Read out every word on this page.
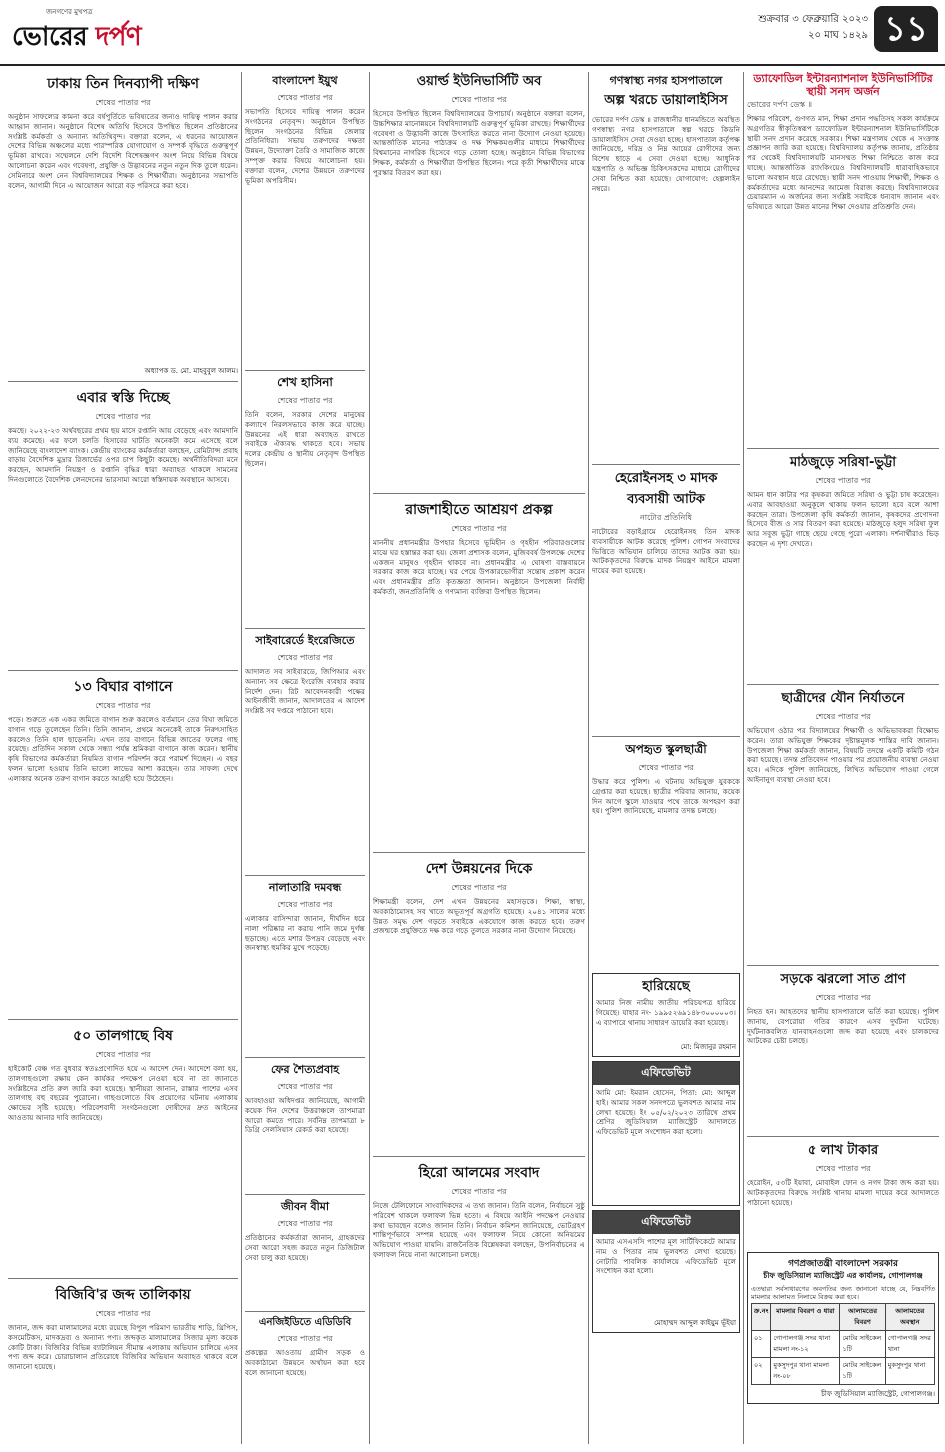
জনগণের মুখপত্র
ভোরের দর্পণ
শুক্রবার ৩ ফেব্রুয়ারি ২০২৩
২০ মাঘ ১৪২৯ ১১
ঢাকায় তিন দিনব্যাপী দক্ষিণ
শেষের পাতার পর
অনুষ্ঠান সাফল্যের কামনা করে বর্ষপুর্তিতে ভবিষ্যতের জন্যও দায়িত্ব পালন করার আহ্বান জানান। অনুষ্ঠানে বিশেষ অতিথি হিসেবে উপস্থিত ছিলেন প্রতিষ্ঠানের সংশ্লিষ্ট কর্মকর্তা ও অন্যান্য অতিথিবৃন্দ। বক্তারা বলেন, এ ধরনের আয়োজন দেশের বিভিন্ন অঞ্চলের মধ্যে পারস্পরিক যোগাযোগ ও সম্পর্ক বৃদ্ধিতে গুরুত্বপূর্ণ ভূমিকা রাখবে। সম্মেলনে দেশি বিদেশি বিশেষজ্ঞগণ অংশ নিয়ে বিভিন্ন বিষয়ে আলোচনা করেন এবং গবেষণা, প্রযুক্তি ও উদ্ভাবনের নতুন নতুন দিক তুলে ধরেন। সেমিনারে অংশ নেন বিশ্ববিদ্যালয়ের শিক্ষক ও শিক্ষার্থীরা। অনুষ্ঠানের সভাপতি বলেন, আগামী দিনে এ আয়োজন আরো বড় পরিসরে করা হবে।
অধ্যাপক ড. মো. মাহবুবুল আলম।
এবার স্বস্তি দিচ্ছে
শেষের পাতার পর
কমছে। ২০২২-২৩ অর্থবছরের প্রথম ছয় মাসে রপ্তানি আয় বেড়েছে এবং আমদানি ব্যয় কমেছে। এর ফলে চলতি হিসাবের ঘাটতি অনেকটা কমে এসেছে বলে জানিয়েছে বাংলাদেশ ব্যাংক। কেন্দ্রীয় ব্যাংকের কর্মকর্তারা বলছেন, রেমিট্যান্স প্রবাহ বাড়ায় বৈদেশিক মুদ্রার রিজার্ভের ওপর চাপ কিছুটা কমেছে। অর্থনীতিবিদরা মনে করছেন, আমদানি নিয়ন্ত্রণ ও রপ্তানি বৃদ্ধির ধারা অব্যাহত থাকলে সামনের দিনগুলোতে বৈদেশিক লেনদেনের ভারসাম্য আরো স্বস্তিদায়ক অবস্থানে আসবে।
১৩ বিঘার বাগানে
শেষের পাতার পর
পড়ে। শুরুতে এক একর জমিতে বাগান শুরু করলেও বর্তমানে তের বিঘা জমিতে বাগান গড়ে তুলেছেন তিনি। তিনি জানান, প্রথমে অনেকেই তাকে নিরুৎসাহিত করলেও তিনি হাল ছাড়েননি। এখন তার বাগানে বিভিন্ন জাতের ফলের গাছ রয়েছে। প্রতিদিন সকাল থেকে সন্ধ্যা পর্যন্ত শ্রমিকরা বাগানে কাজ করেন। স্থানীয় কৃষি বিভাগের কর্মকর্তারা নিয়মিত বাগান পরিদর্শন করে পরামর্শ দিচ্ছেন। এ বছর ফলন ভালো হওয়ায় তিনি ভালো লাভের আশা করছেন। তার সাফল্য দেখে এলাকার অনেক তরুণ বাগান করতে আগ্রহী হয়ে উঠেছেন।
৫০ তালগাছে বিষ
শেষের পাতার পর
হাইকোর্ট বেঞ্চ গত বুধবার স্বতঃপ্রণোদিত হয়ে এ আদেশ দেন। আদেশে বলা হয়, তালগাছগুলো রক্ষায় কেন কার্যকর পদক্ষেপ নেওয়া হবে না তা জানাতে সংশ্লিষ্টদের প্রতি রুল জারি করা হয়েছে। স্থানীয়রা জানান, রাস্তার পাশের এসব তালগাছ বহু বছরের পুরোনো। গাছগুলোতে বিষ প্রয়োগের ঘটনায় এলাকায় ক্ষোভের সৃষ্টি হয়েছে। পরিবেশবাদী সংগঠনগুলো দোষীদের দ্রুত আইনের আওতায় আনার দাবি জানিয়েছে।
বিজিবি'র জব্দ তালিকায়
শেষের পাতার পর
জানান, জব্দ করা মালামালের মধ্যে রয়েছে বিপুল পরিমাণ ভারতীয় শাড়ি, থ্রিপিস, কসমেটিকস, মাদকদ্রব্য ও অন্যান্য পণ্য। জব্দকৃত মালামালের সিজার মূল্য কয়েক কোটি টাকা। বিজিবির বিভিন্ন ব্যাটালিয়ন সীমান্ত এলাকায় অভিযান চালিয়ে এসব পণ্য জব্দ করে। চোরাচালান প্রতিরোধে বিজিবির অভিযান অব্যাহত থাকবে বলে জানানো হয়েছে।
বাংলাদেশ ইয়ুথ
শেষের পাতার পর
সভাপতি হিসেবে দায়িত্ব পালন করেন সংগঠনের নেতৃবৃন্দ। অনুষ্ঠানে উপস্থিত ছিলেন সংগঠনের বিভিন্ন জেলার প্রতিনিধিরা। সভায় তরুণদের দক্ষতা উন্নয়ন, উদ্যোক্তা তৈরি ও সামাজিক কাজে সম্পৃক্ত করার বিষয়ে আলোচনা হয়। বক্তারা বলেন, দেশের উন্নয়নে তরুণদের ভূমিকা অপরিসীম।
শেখ হাসিনা
শেষের পাতার পর
তিনি বলেন, সরকার দেশের মানুষের কল্যাণে নিরলসভাবে কাজ করে যাচ্ছে। উন্নয়নের এই ধারা অব্যাহত রাখতে সবাইকে ঐক্যবদ্ধ থাকতে হবে। সভায় দলের কেন্দ্রীয় ও স্থানীয় নেতৃবৃন্দ উপস্থিত ছিলেন।
সাইবারের্ডে ইংরেজিতে
শেষের পাতার পর
আদালত সব সাইবারডে, জিপিআর এবং অন্যান্য সব ক্ষেত্রে ইংরেজি ব্যবহার করার নির্দেশ দেন। রিট আবেদনকারী পক্ষের আইনজীবী জানান, আদালতের এ আদেশ সংশ্লিষ্ট সব দপ্তরে পাঠানো হবে।
নালাতারি দমবন্ধ
শেষের পাতার পর
এলাকার বাসিন্দারা জানান, দীর্ঘদিন ধরে নালা পরিষ্কার না করায় পানি জমে দুর্গন্ধ ছড়াচ্ছে। এতে মশার উপদ্রব বেড়েছে এবং জনস্বাস্থ্য হুমকির মুখে পড়েছে।
ফের শৈত্যপ্রবাহ
শেষের পাতার পর
আবহাওয়া অধিদপ্তর জানিয়েছে, আগামী কয়েক দিন দেশের উত্তরাঞ্চলে তাপমাত্রা আরো কমতে পারে। সর্বনিম্ন তাপমাত্রা ৮ ডিগ্রি সেলসিয়াস রেকর্ড করা হয়েছে।
জীবন বীমা
শেষের পাতার পর
প্রতিষ্ঠানের কর্মকর্তারা জানান, গ্রাহকদের সেবা আরো সহজ করতে নতুন ডিজিটাল সেবা চালু করা হয়েছে।
এনজিইডিতে এডিডিবি
শেষের পাতার পর
প্রকল্পের আওতায় গ্রামীণ সড়ক ও অবকাঠামো উন্নয়নে অর্থায়ন করা হবে বলে জানানো হয়েছে।
ওয়ার্ল্ড ইউনিভার্সিটি অব
শেষের পাতার পর
হিসেবে উপস্থিত ছিলেন বিশ্ববিদ্যালয়ের উপাচার্য। অনুষ্ঠানে বক্তারা বলেন, উচ্চশিক্ষার মানোন্নয়নে বিশ্ববিদ্যালয়টি গুরুত্বপূর্ণ ভূমিকা রাখছে। শিক্ষার্থীদের গবেষণা ও উদ্ভাবনী কাজে উৎসাহিত করতে নানা উদ্যোগ নেওয়া হয়েছে। আন্তর্জাতিক মানের পাঠ্যক্রম ও দক্ষ শিক্ষকমণ্ডলীর মাধ্যমে শিক্ষার্থীদের বিশ্বমানের নাগরিক হিসেবে গড়ে তোলা হচ্ছে। অনুষ্ঠানে বিভিন্ন বিভাগের শিক্ষক, কর্মকর্তা ও শিক্ষার্থীরা উপস্থিত ছিলেন। পরে কৃতী শিক্ষার্থীদের মাঝে পুরস্কার বিতরণ করা হয়।
রাজশাহীতে আশ্রয়ণ প্রকল্প
শেষের পাতার পর
মাননীয় প্রধানমন্ত্রীর উপহার হিসেবে ভূমিহীন ও গৃহহীন পরিবারগুলোর মাঝে ঘর হস্তান্তর করা হয়। জেলা প্রশাসক বলেন, মুজিববর্ষ উপলক্ষে দেশের একজন মানুষও গৃহহীন থাকবে না। প্রধানমন্ত্রীর এ ঘোষণা বাস্তবায়নে সরকার কাজ করে যাচ্ছে। ঘর পেয়ে উপকারভোগীরা সন্তোষ প্রকাশ করেন এবং প্রধানমন্ত্রীর প্রতি কৃতজ্ঞতা জানান। অনুষ্ঠানে উপজেলা নির্বাহী কর্মকর্তা, জনপ্রতিনিধি ও গণ্যমান্য ব্যক্তিরা উপস্থিত ছিলেন।
দেশ উন্নয়নের দিকে
শেষের পাতার পর
শিক্ষামন্ত্রী বলেন, দেশ এখন উন্নয়নের মহাসড়কে। শিক্ষা, স্বাস্থ্য, অবকাঠামোসহ সব খাতে অভূতপূর্ব অগ্রগতি হয়েছে। ২০৪১ সালের মধ্যে উন্নত সমৃদ্ধ দেশ গড়তে সবাইকে একযোগে কাজ করতে হবে। তরুণ প্রজন্মকে প্রযুক্তিতে দক্ষ করে গড়ে তুলতে সরকার নানা উদ্যোগ নিয়েছে।
হিরো আলমের সংবাদ
শেষের পাতার পর
নিজে টেলিফোনে সাংবাদিকদের এ তথ্য জানান। তিনি বলেন, নির্বাচনে সুষ্ঠু পরিবেশ থাকলে ফলাফল ভিন্ন হতো। এ বিষয়ে আইনি পদক্ষেপ নেওয়ার কথা ভাবছেন বলেও জানান তিনি। নির্বাচন কমিশন জানিয়েছে, ভোটগ্রহণ শান্তিপূর্ণভাবে সম্পন্ন হয়েছে এবং ফলাফল নিয়ে কোনো অনিয়মের অভিযোগ পাওয়া যায়নি। রাজনৈতিক বিশ্লেষকরা বলছেন, উপনির্বাচনের এ ফলাফল নিয়ে নানা আলোচনা চলছে।
গণস্বাস্থ্য নগর হাসপাতালে
অল্প খরচে ডায়ালাইসিস
ভোরের দর্পণ ডেস্ক ॥ রাজধানীর ধানমন্ডিতে অবস্থিত গণস্বাস্থ্য নগর হাসপাতালে স্বল্প খরচে কিডনি ডায়ালাইসিস সেবা দেওয়া হচ্ছে। হাসপাতাল কর্তৃপক্ষ জানিয়েছে, দরিদ্র ও নিম্ন আয়ের রোগীদের জন্য বিশেষ ছাড়ে এ সেবা দেওয়া হচ্ছে। আধুনিক যন্ত্রপাতি ও অভিজ্ঞ চিকিৎসকদের মাধ্যমে রোগীদের সেবা নিশ্চিত করা হয়েছে। যোগাযোগ: হেল্পলাইন নম্বরে।
হেরোইনসহ ৩ মাদক ব্যবসায়ী আটক
নাটোর প্রতিনিধি
নাটোরের বড়াইগ্রামে হেরোইনসহ তিন মাদক ব্যবসায়ীকে আটক করেছে পুলিশ। গোপন সংবাদের ভিত্তিতে অভিযান চালিয়ে তাদের আটক করা হয়। আটককৃতদের বিরুদ্ধে মাদক নিয়ন্ত্রণ আইনে মামলা দায়ের করা হয়েছে।
অপহৃত স্কুলছাত্রী
শেষের পাতার পর
উদ্ধার করে পুলিশ। এ ঘটনায় অভিযুক্ত যুবককে গ্রেপ্তার করা হয়েছে। ছাত্রীর পরিবার জানায়, কয়েক দিন আগে স্কুলে যাওয়ার পথে তাকে অপহরণ করা হয়। পুলিশ জানিয়েছে, মামলার তদন্ত চলছে।
হারিয়েছে
আমার নিজ নামীয় জাতীয় পরিচয়পত্র হারিয়ে গিয়েছে। যাহার নং- ১৯৯৫২৬৯১৪৮৩০০০০০৩। এ ব্যাপারে থানায় সাধারণ ডায়েরি করা হয়েছে।
মো: মিজানুর রহমান
এফিডেভিট
আমি মো: ইমরান হোসেন, পিতা: মো: আব্দুল হাই। আমার সকল সনদপত্রে ভুলবশত আমার নাম লেখা হয়েছে। ইং ০৫/০২/২০২৩ তারিখে প্রথম শ্রেণির জুডিসিয়াল ম্যাজিস্ট্রেট আদালতে এফিডেভিট মূলে সংশোধন করা হলো।
এফিডেভিট
আমার এসএসসি পাশের মূল সার্টিফিকেটে আমার নাম ও পিতার নাম ভুলবশত লেখা হয়েছে। নোটারি পাবলিক কার্যালয়ে এফিডেভিট মূলে সংশোধন করা হলো।
মোহাম্মদ আব্দুল কাইয়ুম ভূঁইয়া
ড্যাফোডিল ইন্টারন্যাশনাল ইউনিভার্সিটির স্থায়ী সনদ অর্জন
ভোরের দর্পণ ডেস্ক ॥
শিক্ষার পরিবেশ, গুণগত মান, শিক্ষা প্রদান পদ্ধতিসহ সকল কার্যক্রমে অগ্রগতির স্বীকৃতিস্বরূপ ড্যাফোডিল ইন্টারন্যাশনাল ইউনিভার্সিটিকে স্থায়ী সনদ প্রদান করেছে সরকার। শিক্ষা মন্ত্রণালয় থেকে এ সংক্রান্ত প্রজ্ঞাপন জারি করা হয়েছে। বিশ্ববিদ্যালয় কর্তৃপক্ষ জানায়, প্রতিষ্ঠার পর থেকেই বিশ্ববিদ্যালয়টি মানসম্মত শিক্ষা নিশ্চিতে কাজ করে যাচ্ছে। আন্তর্জাতিক র‍্যাংকিংয়েও বিশ্ববিদ্যালয়টি ধারাবাহিকভাবে ভালো অবস্থান ধরে রেখেছে। স্থায়ী সনদ পাওয়ায় শিক্ষার্থী, শিক্ষক ও কর্মকর্তাদের মধ্যে আনন্দের আমেজ বিরাজ করছে। বিশ্ববিদ্যালয়ের চেয়ারম্যান এ অর্জনের জন্য সংশ্লিষ্ট সবাইকে ধন্যবাদ জানান এবং ভবিষ্যতে আরো উন্নত মানের শিক্ষা দেওয়ার প্রতিশ্রুতি দেন।
মাঠজুড়ে সরিষা-ভুট্টা
শেষের পাতার পর
আমন ধান কাটার পর কৃষকরা জমিতে সরিষা ও ভুট্টা চাষ করেছেন। এবার আবহাওয়া অনুকূলে থাকায় ফলন ভালো হবে বলে আশা করছেন তারা। উপজেলা কৃষি কর্মকর্তা জানান, কৃষকদের প্রণোদনা হিসেবে বীজ ও সার বিতরণ করা হয়েছে। মাঠজুড়ে হলুদ সরিষা ফুল আর সবুজ ভুট্টা গাছে ছেয়ে গেছে পুরো এলাকা। দর্শনার্থীরাও ভিড় করছেন এ দৃশ্য দেখতে।
ছাত্রীদের যৌন নির্যাতনে
শেষের পাতার পর
অভিযোগ ওঠার পর বিদ্যালয়ের শিক্ষার্থী ও অভিভাবকরা বিক্ষোভ করেন। তারা অভিযুক্ত শিক্ষকের দৃষ্টান্তমূলক শাস্তির দাবি জানান। উপজেলা শিক্ষা কর্মকর্তা জানান, বিষয়টি তদন্তে একটি কমিটি গঠন করা হয়েছে। তদন্ত প্রতিবেদন পাওয়ার পর প্রয়োজনীয় ব্যবস্থা নেওয়া হবে। এদিকে পুলিশ জানিয়েছে, লিখিত অভিযোগ পাওয়া গেলে আইনানুগ ব্যবস্থা নেওয়া হবে।
সড়কে ঝরলো সাত প্রাণ
শেষের পাতার পর
নিহত হন। আহতদের স্থানীয় হাসপাতালে ভর্তি করা হয়েছে। পুলিশ জানায়, বেপরোয়া গতির কারণে এসব দুর্ঘটনা ঘটেছে। দুর্ঘটনাকবলিত যানবাহনগুলো জব্দ করা হয়েছে এবং চালকদের আটকের চেষ্টা চলছে।
৫ লাখ টাকার
শেষের পাতার পর
হেরোইন, ৫৩টি ইয়াবা, মোবাইল ফোন ও নগদ টাকা জব্দ করা হয়। আটককৃতদের বিরুদ্ধে সংশ্লিষ্ট থানায় মামলা দায়ের করে আদালতে পাঠানো হয়েছে।
গণপ্রজাতন্ত্রী বাংলাদেশ সরকার
চীফ জুডিসিয়াল ম্যাজিস্ট্রেট এর কার্যালয়, গোপালগঞ্জ
এতদ্বারা সর্বসাধারণের অবগতির জন্য জানানো যাচ্ছে যে, নিম্নবর্ণিত মামলার আলামত নিলামে বিক্রয় করা হবে।
ক্র.নং	মামলার বিবরণ ও ধারা	আলামতের বিবরণ	আলামতের অবস্থান
০১	গোপালগঞ্জ সদর থানা মামলা নং-১২	মোটর সাইকেল ১টি	গোপালগঞ্জ সদর থানা
০২	মুকসুদপুর থানা মামলা নং-০৮	মোটর সাইকেল ১টি	মুকসুদপুর থানা
চীফ জুডিসিয়াল ম্যাজিস্ট্রেট, গোপালগঞ্জ।
